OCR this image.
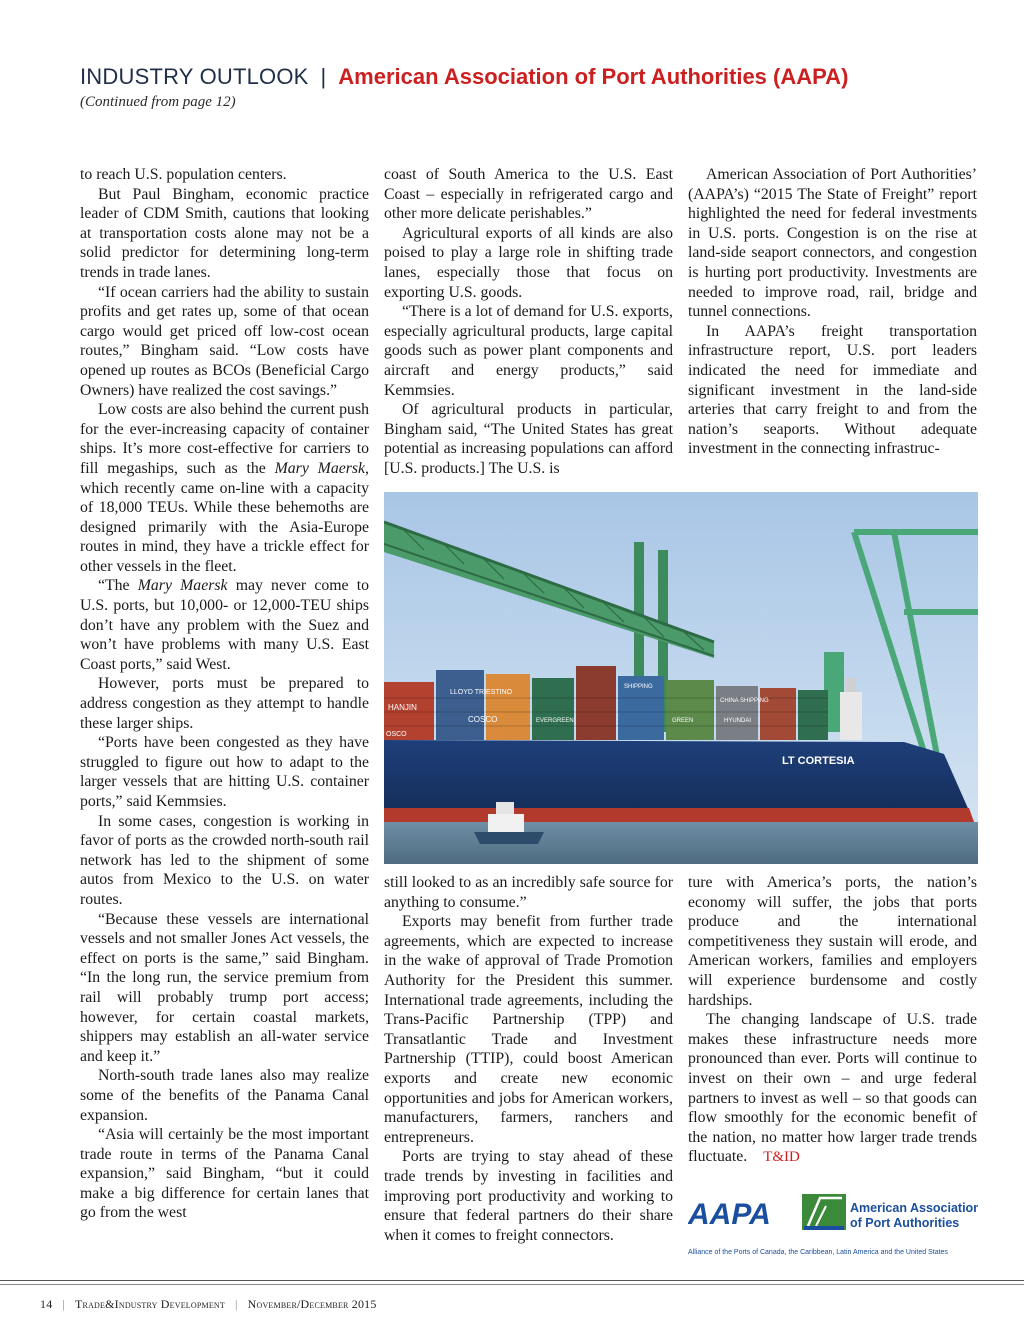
INDUSTRY OUTLOOK | American Association of Port Authorities (AAPA)
(Continued from page 12)

to reach U.S. population centers.

But Paul Bingham, economic practice leader of CDM Smith, cautions that looking at transportation costs alone may not be a solid predictor for determining long-term trends in trade lanes.

“If ocean carriers had the ability to sustain profits and get rates up, some of that ocean cargo would get priced off low-cost ocean routes,” Bingham said. “Low costs have opened up routes as BCOs (Beneficial Cargo Owners) have realized the cost savings.”

Low costs are also behind the current push for the ever-increasing capacity of container ships. It’s more cost-effective for carriers to fill megaships, such as the Mary Maersk, which recently came on-line with a capacity of 18,000 TEUs. While these behemoths are designed primarily with the Asia-Europe routes in mind, they have a trickle effect for other vessels in the fleet.

“The Mary Maersk may never come to U.S. ports, but 10,000- or 12,000-TEU ships don’t have any problem with the Suez and won’t have problems with many U.S. East Coast ports,” said West.

However, ports must be prepared to address congestion as they attempt to handle these larger ships.

“Ports have been congested as they have struggled to figure out how to adapt to the larger vessels that are hitting U.S. container ports,” said Kemmsies.

In some cases, congestion is working in favor of ports as the crowded north-south rail network has led to the shipment of some autos from Mexico to the U.S. on water routes.

“Because these vessels are international vessels and not smaller Jones Act vessels, the effect on ports is the same,” said Bingham. “In the long run, the service premium from rail will probably trump port access; however, for certain coastal markets, shippers may establish an all-water service and keep it.”

North-south trade lanes also may realize some of the benefits of the Panama Canal expansion.

“Asia will certainly be the most important trade route in terms of the Panama Canal expansion,” said Bingham, “but it could make a big difference for certain lanes that go from the west

coast of South America to the U.S. East Coast – especially in refrigerated cargo and other more delicate perishables.”

Agricultural exports of all kinds are also poised to play a large role in shifting trade lanes, especially those that focus on exporting U.S. goods.

“There is a lot of demand for U.S. exports, especially agricultural products, large capital goods such as power plant components and aircraft and energy products,” said Kemmsies.

Of agricultural products in particular, Bingham said, “The United States has great potential as increasing populations can afford [U.S. products.] The U.S. is

American Association of Port Authorities’ (AAPA’s) “2015 The State of Freight” report highlighted the need for federal investments in U.S. ports. Congestion is on the rise at land-side seaport connectors, and congestion is hurting port productivity. Investments are needed to improve road, rail, bridge and tunnel connections.

In AAPA’s freight transportation infrastructure report, U.S. port leaders indicated the need for immediate and significant investment in the land-side arteries that carry freight to and from the nation’s seaports. Without adequate investment in the connecting infrastruc-

LT CORTESIA
HANJIN
LLOYD TRIESTINO
COSCO	EVERGREEN
CHINA SHIPPING
SHIPPING
GREEN	HYUNDAI
OSCO

still looked to as an incredibly safe source for anything to consume.”

Exports may benefit from further trade agreements, which are expected to increase in the wake of approval of Trade Promotion Authority for the President this summer. International trade agreements, including the Trans-Pacific Partnership (TPP) and Transatlantic Trade and Investment Partnership (TTIP), could boost American exports and create new economic opportunities and jobs for American workers, manufacturers, farmers, ranchers and entrepreneurs.

Ports are trying to stay ahead of these trade trends by investing in facilities and improving port productivity and working to ensure that federal partners do their share when it comes to freight connectors.

ture with America’s ports, the nation’s economy will suffer, the jobs that ports produce and the international competitiveness they sustain will erode, and American workers, families and employers will experience burdensome and costly hardships.

The changing landscape of U.S. trade makes these infrastructure needs more pronounced than ever. Ports will continue to invest on their own – and urge federal partners to invest as well – so that goods can flow smoothly for the economic benefit of the nation, no matter how larger trade trends fluctuate. T&ID

AAPA	American Association
of Port Authorities
Alliance of the Ports of Canada, the Caribbean, Latin America and the United States
14 | Trade&Industry Development | November/December 2015
